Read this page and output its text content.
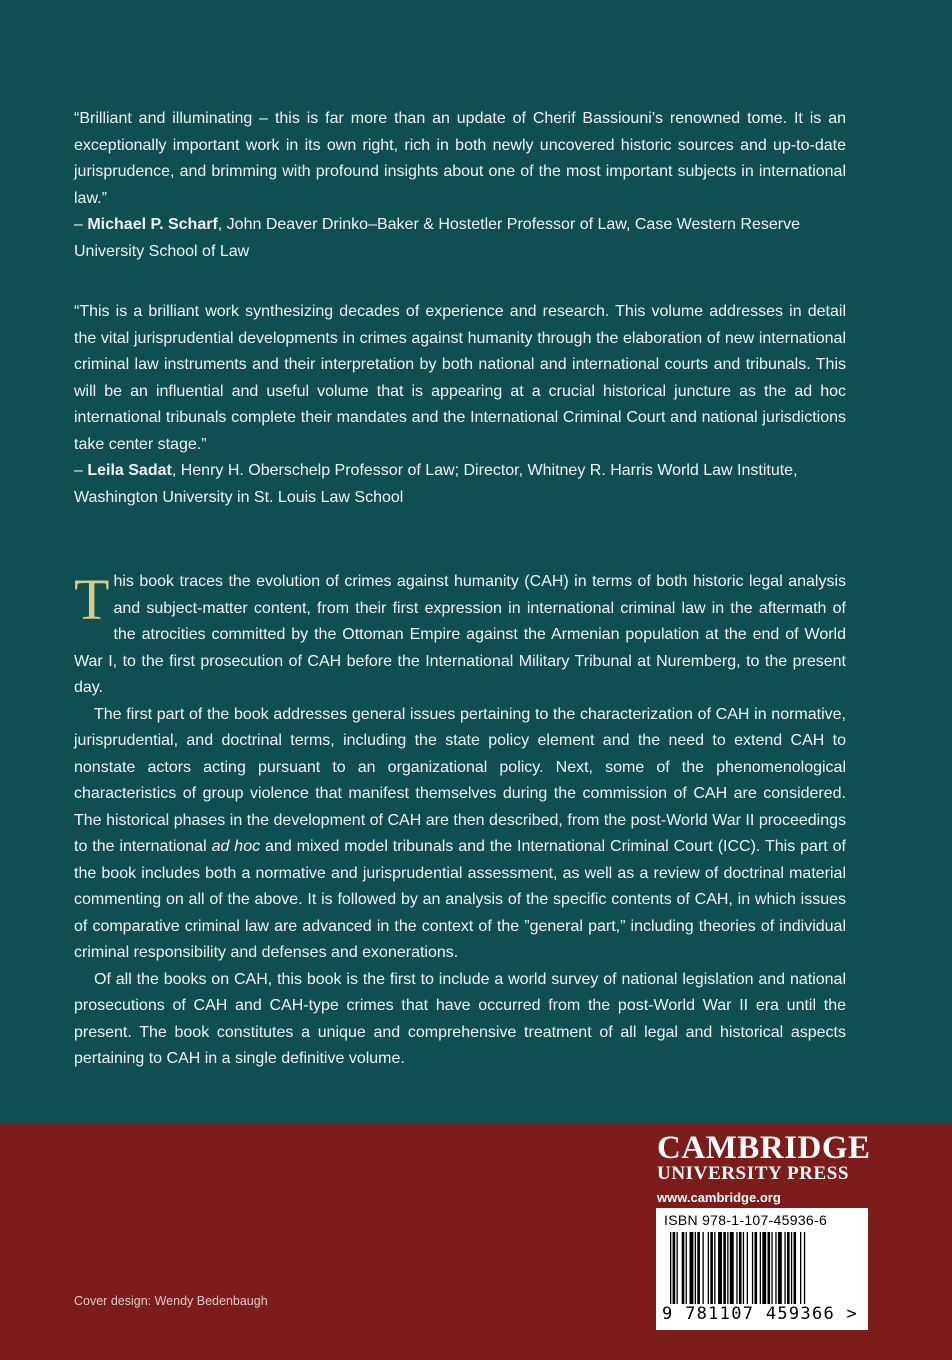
“Brilliant and illuminating – this is far more than an update of Cherif Bassiouni’s renowned tome. It is an exceptionally important work in its own right, rich in both newly uncovered historic sources and up-to-date jurisprudence, and brimming with profound insights about one of the most important subjects in international law.”

– Michael P. Scharf, John Deaver Drinko–Baker & Hostetler Professor of Law, Case Western Reserve University School of Law

“This is a brilliant work synthesizing decades of experience and research. This volume addresses in detail the vital jurisprudential developments in crimes against humanity through the elaboration of new international criminal law instruments and their interpretation by both national and international courts and tribunals. This will be an influential and useful volume that is appearing at a crucial historical juncture as the ad hoc international tribunals complete their mandates and the International Criminal Court and national jurisdictions take center stage.”

– Leila Sadat, Henry H. Oberschelp Professor of Law; Director, Whitney R. Harris World Law Institute, Washington University in St. Louis Law School

This book traces the evolution of crimes against humanity (CAH) in terms of both historic legal analysis and subject-matter content, from their first expression in international criminal law in the aftermath of the atrocities committed by the Ottoman Empire against the Armenian population at the end of World War I, to the first prosecution of CAH before the International Military Tribunal at Nuremberg, to the present day.

The first part of the book addresses general issues pertaining to the characterization of CAH in normative, jurisprudential, and doctrinal terms, including the state policy element and the need to extend CAH to nonstate actors acting pursuant to an organizational policy. Next, some of the phenomenological characteristics of group violence that manifest themselves during the commission of CAH are considered. The historical phases in the development of CAH are then described, from the post-World War II proceedings to the international ad hoc and mixed model tribunals and the International Criminal Court (ICC). This part of the book includes both a normative and jurisprudential assessment, as well as a review of doctrinal material commenting on all of the above. It is followed by an analysis of the specific contents of CAH, in which issues of comparative criminal law are advanced in the context of the ”general part,” including theories of individual criminal responsibility and defenses and exonerations.

Of all the books on CAH, this book is the first to include a world survey of national legislation and national prosecutions of CAH and CAH-type crimes that have occurred from the post-World War II era until the present. The book constitutes a unique and comprehensive treatment of all legal and historical aspects pertaining to CAH in a single definitive volume.

CAMBRIDGE
UNIVERSITY PRESS
www.cambridge.org
ISBN 978-1-107-45936-6
9 781107 459366 >
Cover design: Wendy Bedenbaugh
